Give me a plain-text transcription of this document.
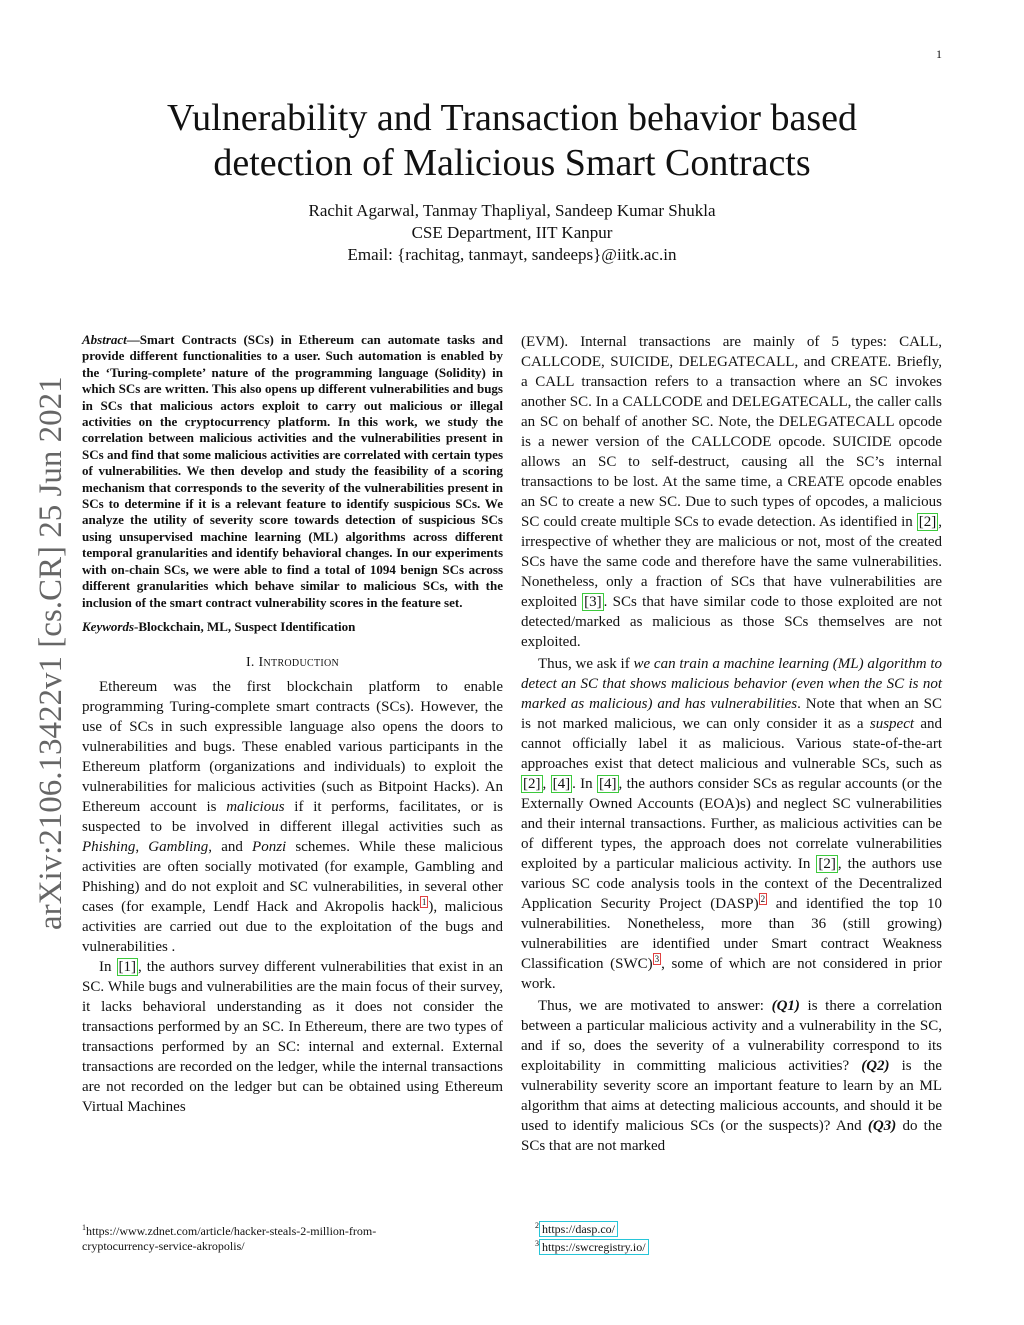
1
arXiv:2106.13422v1 [cs.CR] 25 Jun 2021
Vulnerability and Transaction behavior based
detection of Malicious Smart Contracts
Rachit Agarwal, Tanmay Thapliyal, Sandeep Kumar Shukla
CSE Department, IIT Kanpur
Email: {rachitag, tanmayt, sandeeps}@iitk.ac.in
Abstract—Smart Contracts (SCs) in Ethereum can automate tasks and provide different functionalities to a user. Such automation is enabled by the ‘Turing-complete’ nature of the programming language (Solidity) in which SCs are written. This also opens up different vulnerabilities and bugs in SCs that malicious actors exploit to carry out malicious or illegal activities on the cryptocurrency platform. In this work, we study the correlation between malicious activities and the vulnerabilities present in SCs and find that some malicious activities are correlated with certain types of vulnerabilities. We then develop and study the feasibility of a scoring mechanism that corresponds to the severity of the vulnerabilities present in SCs to determine if it is a relevant feature to identify suspicious SCs. We analyze the utility of severity score towards detection of suspicious SCs using unsupervised machine learning (ML) algorithms across different temporal granularities and identify behavioral changes. In our experiments with on-chain SCs, we were able to find a total of 1094 benign SCs across different granularities which behave similar to malicious SCs, with the inclusion of the smart contract vulnerability scores in the feature set.
Keywords-Blockchain, ML, Suspect Identification
I. Introduction

Ethereum was the first blockchain platform to enable programming Turing-complete smart contracts (SCs). However, the use of SCs in such expressible language also opens the doors to vulnerabilities and bugs. These enabled various participants in the Ethereum platform (organizations and individuals) to exploit the vulnerabilities for malicious activities (such as Bitpoint Hacks). An Ethereum account is malicious if it performs, facilitates, or is suspected to be involved in different illegal activities such as Phishing, Gambling, and Ponzi schemes. While these malicious activities are often socially motivated (for example, Gambling and Phishing) and do not exploit and SC vulnerabilities, in several other cases (for example, Lendf Hack and Akropolis hack $^1$ ), malicious activities are carried out due to the exploitation of the bugs and vulnerabilities .

In [1] , the authors survey different vulnerabilities that exist in an SC. While bugs and vulnerabilities are the main focus of their survey, it lacks behavioral understanding as it does not consider the transactions performed by an SC. In Ethereum, there are two types of transactions performed by an SC: internal and external. External transactions are recorded on the ledger, while the internal transactions are not recorded on the ledger but can be obtained using Ethereum Virtual Machines

(EVM). Internal transactions are mainly of 5 types: CALL, CALLCODE, SUICIDE, DELEGATECALL, and CREATE. Briefly, a CALL transaction refers to a transaction where an SC invokes another SC. In a CALLCODE and DELEGATECALL, the caller calls an SC on behalf of another SC. Note, the DELEGATECALL opcode is a newer version of the CALLCODE opcode. SUICIDE opcode allows an SC to self-destruct, causing all the SC’s internal transactions to be lost. At the same time, a CREATE opcode enables an SC to create a new SC. Due to such types of opcodes, a malicious SC could create multiple SCs to evade detection. As identified in [2] , irrespective of whether they are malicious or not, most of the created SCs have the same code and therefore have the same vulnerabilities. Nonetheless, only a fraction of SCs that have vulnerabilities are exploited [3] . SCs that have similar code to those exploited are not detected/marked as malicious as those SCs themselves are not exploited.

Thus, we ask if we can train a machine learning (ML) algorithm to detect an SC that shows malicious behavior (even when the SC is not marked as malicious) and has vulnerabilities. Note that when an SC is not marked malicious, we can only consider it as a suspect and cannot officially label it as malicious. Various state-of-the-art approaches exist that detect malicious and vulnerable SCs, such as [2] , [4] . In [4] , the authors consider SCs as regular accounts (or the Externally Owned Accounts (EOA)s) and neglect SC vulnerabilities and their internal transactions. Further, as malicious activities can be of different types, the approach does not correlate vulnerabilities exploited by a particular malicious activity. In [2] , the authors use various SC code analysis tools in the context of the Decentralized Application Security Project (DASP) $^2$ and identified the top 10 vulnerabilities. Nonetheless, more than 36 (still growing) vulnerabilities are identified under Smart contract Weakness Classification (SWC) $^3$ , some of which are not considered in prior work.

Thus, we are motivated to answer: (Q1) is there a correlation between a particular malicious activity and a vulnerability in the SC, and if so, does the severity of a vulnerability correspond to its exploitability in committing malicious activities? (Q2) is the vulnerability severity score an important feature to learn by an ML algorithm that aims at detecting malicious accounts, and should it be used to identify malicious SCs (or the suspects)? And (Q3) do the SCs that are not marked

$^1$https://www.zdnet.com/article/hacker-steals-2-million-from-
cryptocurrency-service-akropolis/
$^2$ https://dasp.co/
$^3$ https://swcregistry.io/
